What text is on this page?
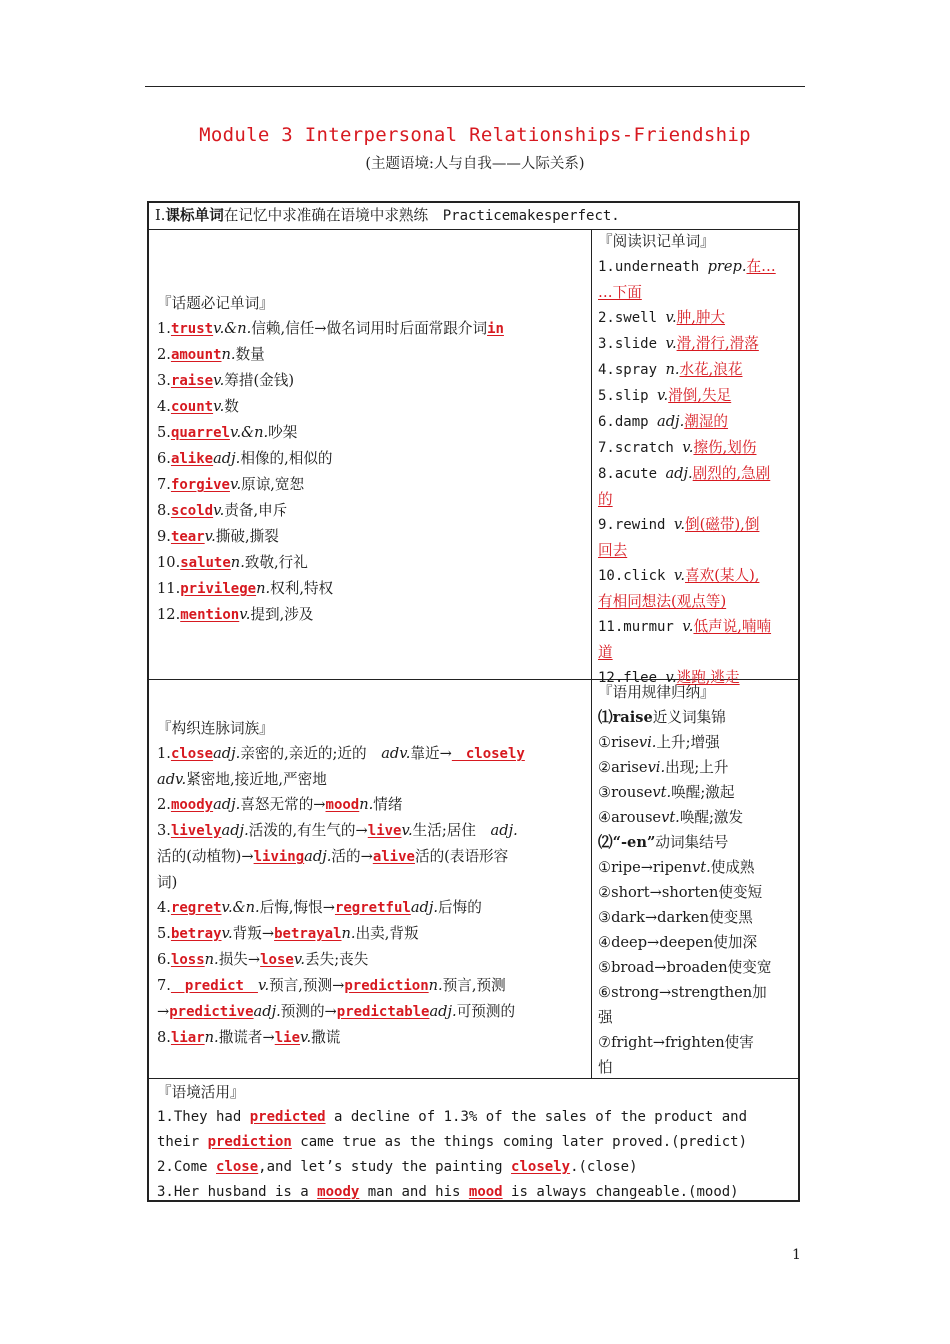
Module 3 Interpersonal Relationships-Friendship
(主题语境:人与自我——人际关系)
Ⅰ.课标单词在记忆中求准确在语境中求熟练　 Practicemakesperfect.
『话题必记单词』
1.trustv.&n.信赖,信任→做名词用时后面常跟介词in
2.amountn.数量
3.raisev.筹措(金钱)
4.countv.数
5.quarrelv.&n.吵架
6.alikeadj.相像的,相似的
7.forgivev.原谅,宽恕
8.scoldv.责备,申斥
9.tearv.撕破,撕裂
10.saluten.致敬,行礼
11.privilegen.权利,特权
12.mentionv.提到,涉及
『阅读识记单词』
1.underneath prep.在…
…下面
2.swell v.肿,肿大
3.slide v.滑,滑行,滑落
4.spray n.水花,浪花
5.slip v.滑倒,失足
6.damp adj.潮湿的
7.scratch v.擦伤,划伤
8.acute adj.剧烈的,急剧
的
9.rewind v.倒(磁带),倒
回去
10.click v.喜欢(某人),
有相同想法(观点等)
11.murmur v.低声说,喃喃
道
12.flee v.逃跑,逃走
『构织连脉词族』
1.closeadj.亲密的,亲近的;近的　adv.靠近→　closely
adv.紧密地,接近地,严密地
2.moodyadj.喜怒无常的→moodn.情绪
3.livelyadj.活泼的,有生气的→livev.生活;居住　adj.
活的(动植物)→livingadj.活的→alive活的(表语形容
词)
4.regretv.&n.后悔,悔恨→regretfuladj.后悔的
5.betrayv.背叛→betrayaln.出卖,背叛
6.lossn.损失→losev.丢失;丧失
7.　predict　v.预言,预测→predictionn.预言,预测
→predictiveadj.预测的→predictableadj.可预测的
8.liarn.撒谎者→liev.撒谎
『语用规律归纳』
⑴raise近义词集锦
①risevi.上升;增强
②arisevi.出现;上升
③rousevt.唤醒;激起
④arousevt.唤醒;激发
⑵“-en”动词集结号
①ripe→ripenvt.使成熟
②short→shorten使变短
③dark→darken使变黑
④deep→deepen使加深
⑤broad→broaden使变宽
⑥strong→strengthen加
强
⑦fright→frighten使害
怕
『语境活用』
1.They had predicted a decline of 1.3% of the sales of the product and
their prediction came true as the things coming later proved.(predict)
2.Come close,and let’s study the painting closely.(close)
3.Her husband is a moody man and his mood is always changeable.(mood)
1
